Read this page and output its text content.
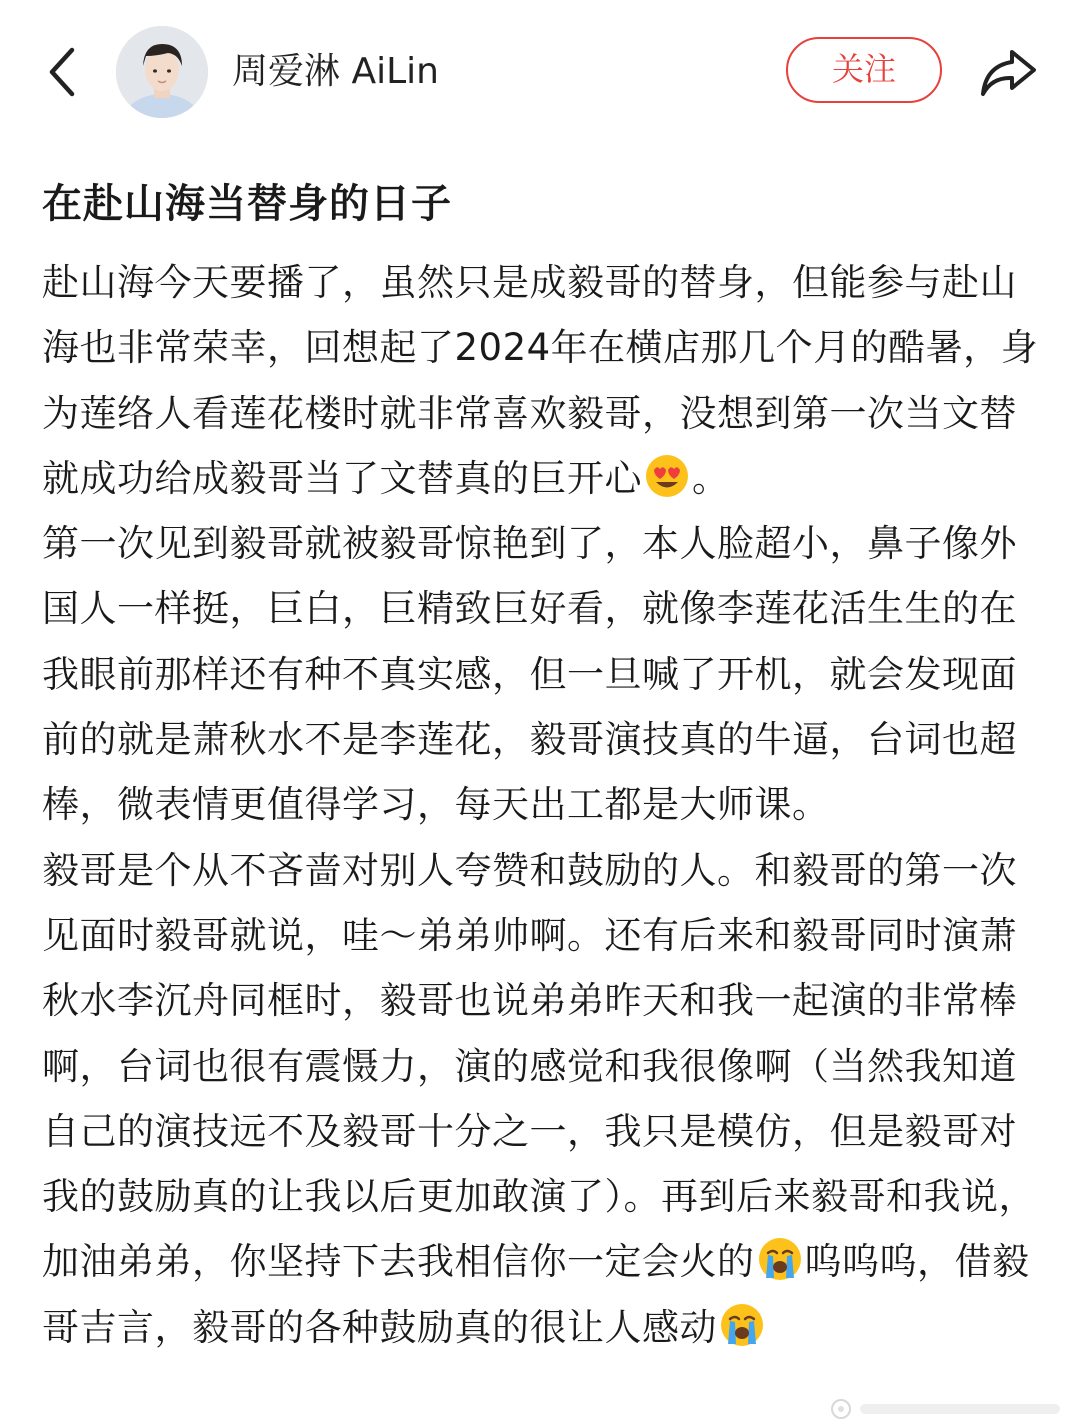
周爱淋 AiLin	关注
在赴山海当替身的日子

赴山海今天要播了，虽然只是成毅哥的替身，但能参与赴山海也非常荣幸，回想起了2024年在横店那几个月的酷暑，身为莲络人看莲花楼时就非常喜欢毅哥，没想到第一次当文替就成功给成毅哥当了文替真的巨开心 。

第一次见到毅哥就被毅哥惊艳到了，本人脸超小，鼻子像外国人一样挺，巨白，巨精致巨好看，就像李莲花活生生的在我眼前那样还有种不真实感，但一旦喊了开机，就会发现面前的就是萧秋水不是李莲花，毅哥演技真的牛逼，台词也超棒，微表情更值得学习，每天出工都是大师课。

毅哥是个从不吝啬对别人夸赞和鼓励的人。和毅哥的第一次见面时毅哥就说，哇～弟弟帅啊。还有后来和毅哥同时演萧秋水李沉舟同框时，毅哥也说弟弟昨天和我一起演的非常棒啊，台词也很有震慑力，演的感觉和我很像啊（当然我知道自己的演技远不及毅哥十分之一，我只是模仿，但是毅哥对我的鼓励真的让我以后更加敢演了）。再到后来毅哥和我说，加油弟弟，你坚持下去我相信你一定会火的 呜呜呜，借毅哥吉言，毅哥的各种鼓励真的很让人感动
